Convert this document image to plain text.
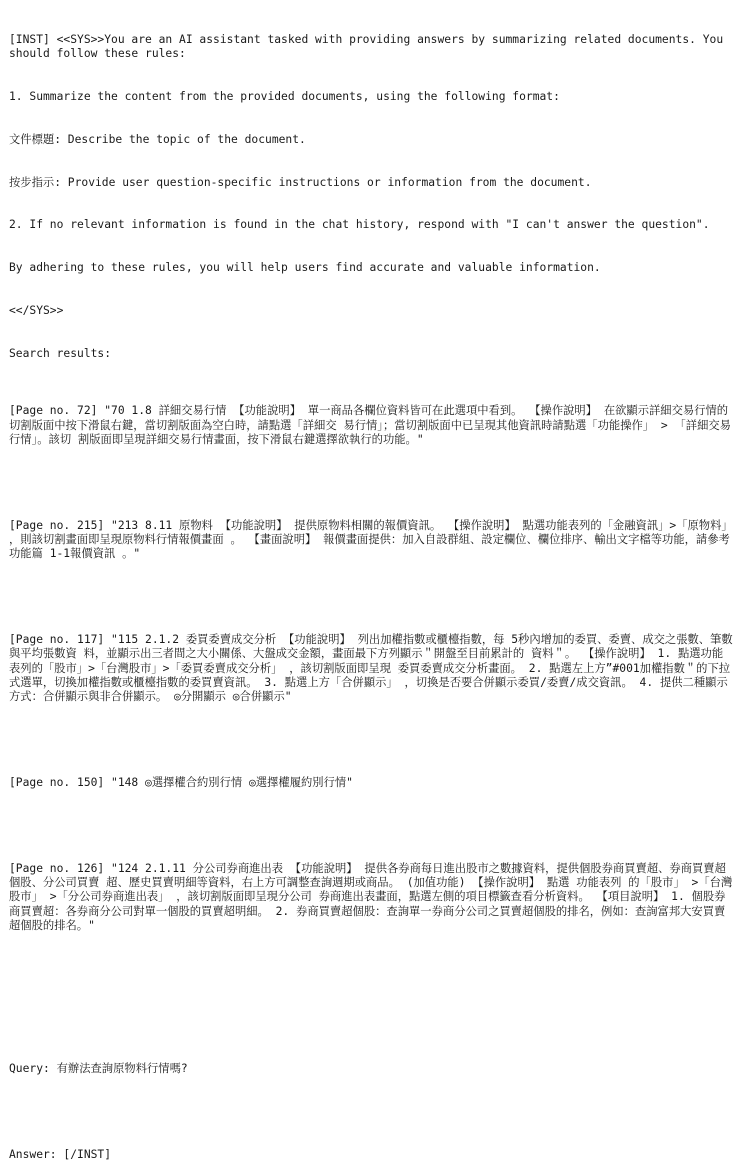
[INST] <<SYS>>You are an AI assistant tasked with providing answers by summarizing related documents. You should follow these rules:

1. Summarize the content from the provided documents, using the following format:

文件標題: Describe the topic of the document.

按步指示: Provide user question-specific instructions or information from the document.

2. If no relevant information is found in the chat history, respond with "I can't answer the question".

By adhering to these rules, you will help users find accurate and valuable information.

<</SYS>>

Search results:

[Page no. 72] "70 1.8 詳細交易行情 【功能說明】 單一商品各欄位資料皆可在此選項中看到。 【操作說明】 在欲顯示詳細交易行情的切割版面中按下滑鼠右鍵，當切割版面為空白時，請點選「詳細交 易行情」；當切割版面中已呈現其他資訊時請點選「功能操作」 > 「詳細交易行情」。該切 割版面即呈現詳細交易行情畫面，按下滑鼠右鍵選擇欲執行的功能。"

[Page no. 215] "213 8.11 原物料 【功能說明】 提供原物料相關的報價資訊。 【操作說明】 點選功能表列的「金融資訊」>「原物料」 ，則該切割畫面即呈現原物料行情報價畫面 。 【畫面說明】 報價畫面提供：加入自設群組、設定欄位、欄位排序、輸出文字檔等功能，請參考功能篇 1-1報價資訊 。"

[Page no. 117] "115 2.1.2 委買委賣成交分析 【功能說明】 列出加權指數或櫃檯指數，每 5秒內增加的委買、委賣、成交之張數、筆數與平均張數資 料，並顯示出三者間之大小關係、大盤成交金額，畫面最下方列顯示＂開盤至目前累計的 資料＂。 【操作說明】 1. 點選功能表列的「股市」>「台灣股市」>「委買委賣成交分析」 ，該切割版面即呈現 委買委賣成交分析畫面。 2. 點選左上方”#001加權指數＂的下拉式選單，切換加權指數或櫃檯指數的委買賣資訊。 3. 點選上方「合併顯示」 ，切換是否要合併顯示委買/委賣/成交資訊。 4. 提供二種顯示方式：合併顯示與非合併顯示。 ◎分開顯示 ◎合併顯示"

[Page no. 150] "148 ◎選擇權合約別行情 ◎選擇權履約別行情"

[Page no. 126] "124 2.1.11 分公司券商進出表 【功能說明】 提供各券商每日進出股市之數據資料，提供個股券商買賣超、券商買賣超個股、分公司買賣 超、歷史買賣明細等資料，右上方可調整查詢週期或商品。 (加值功能) 【操作說明】 點選 功能表列 的「股市」 >「台灣股市」 >「分公司券商進出表」 ，該切割版面即呈現分公司 券商進出表畫面，點選左側的項目標籤查看分析資料。 【項目說明】 1. 個股券商買賣超：各券商分公司對單一個股的買賣超明細。 2. 券商買賣超個股：查詢單一券商分公司之買賣超個股的排名，例如：查詢富邦大安買賣 超個股的排名。"

Query: 有辦法查詢原物料行情嗎?

Answer: [/INST]
